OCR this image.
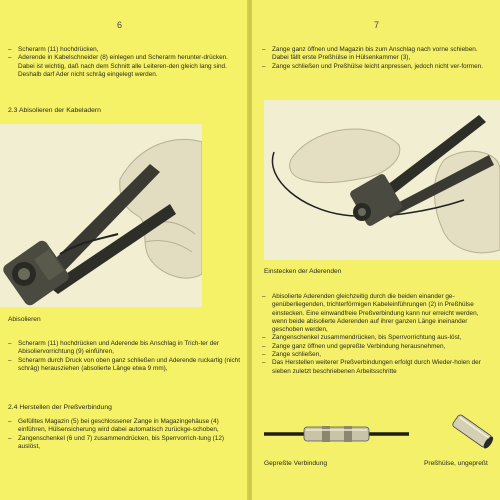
6
– Scherarm (11) hochdrücken,
– Aderende in Kabelschneider (8) einlegen und Scherarm herunter-drücken. Dabei ist wichtig, daß nach dem Schnitt alle Leiteren-den gleich lang sind. Deshalb darf Ader nicht schräg eingelegt werden.
2.3 Abisolieren der Kabeladern
Abisolieren
– Scherarm (11) hochdrücken und Aderende bis Anschlag in Trich-ter der Abisoliervorrichtung (9) einführen,
– Scherarm durch Druck von oben ganz schließen und Aderende ruckartig (nicht schräg) herausziehen (absolierte Länge etwa 9 mm),
2.4 Herstellen der Preßverbindung
– Gefülltes Magazin (5) bei geschlossener Zange in Magazingehäuse (4) einführen, Hülsensicherung wird dabei automatisch zurückge-schoben,
– Zangenschenkel (6 und 7) zusammendrücken, bis Sperrvorrich-tung (12) auslöst,
7
– Zange ganz öffnen und Magazin bis zum Anschlag nach vorne schieben. Dabei fällt erste Preßhülse in Hülsenkammer (3),
– Zange schließen und Preßhülse leicht anpressen, jedoch nicht ver-formen.
Einstecken der Aderenden
– Abisolierte Aderenden gleichzeitig durch die beiden einander ge-genüberliegenden, trichterförmigen Kabeleinführungen (2) in Preßhülse einstecken. Eine einwandfreie Preßverbindung kann nur erreicht werden, wenn beide abisolierte Aderenden auf ihrer ganzen Länge ineinander geschoben werden,
– Zangenschenkel zusammendrücken, bis Sperrvorrichtung aus-löst,
– Zange ganz öffnen und gepreßte Verbindung herausnehmen,
– Zange schließen,
– Das Herstellen weiterer Preßverbindungen erfolgt durch Wieder-holen der sieben zuletzt beschriebenen Arbeitsschritte
Gepreßte Verbindung	Preßhülse, ungepreßt
